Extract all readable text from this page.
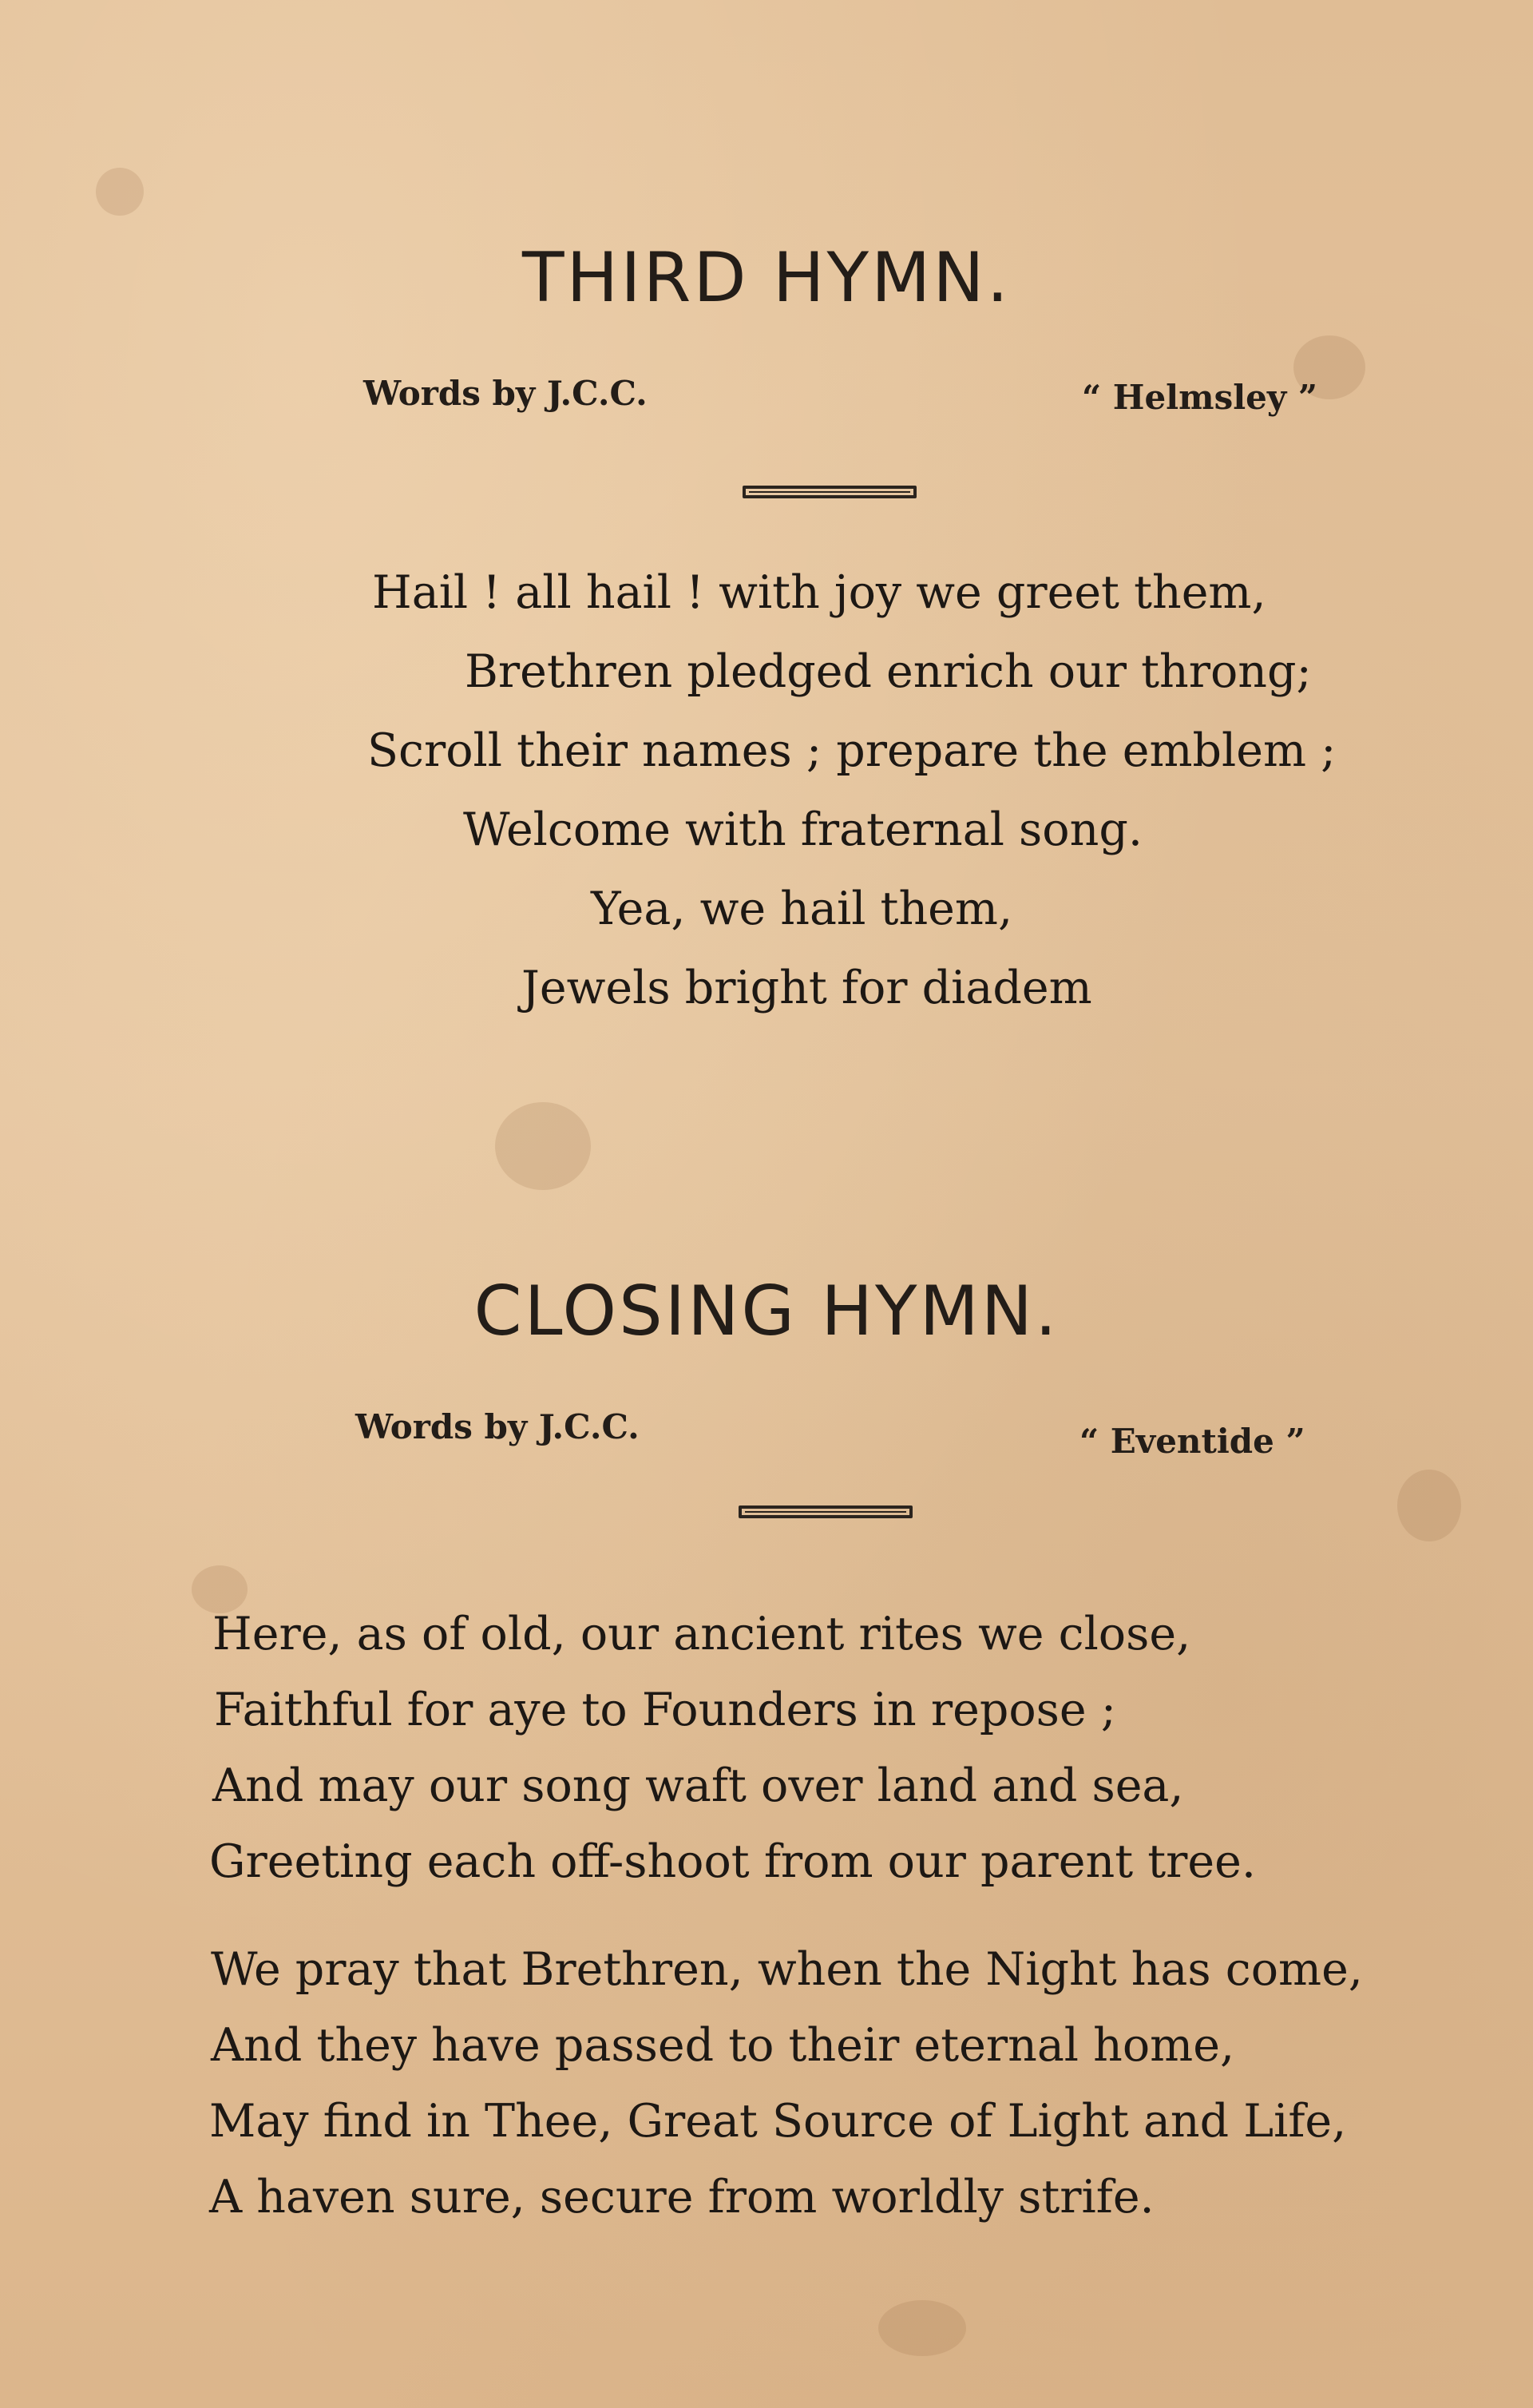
THIRD HYMN.
Words by J.C.C.	“ Helmsley ”
Hail ! all hail ! with joy we greet them,
Brethren pledged enrich our throng;
Scroll their names ; prepare the emblem ;
Welcome with fraternal song.
Yea, we hail them,
Jewels bright for diadem
CLOSING HYMN.
Words by J.C.C.	“ Eventide ”
Here, as of old, our ancient rites we close,
Faithful for aye to Founders in repose ;
And may our song waft over land and sea,
Greeting each off-shoot from our parent tree.
We pray that Brethren, when the Night has come,
And they have passed to their eternal home,
May find in Thee, Great Source of Light and Life,
A haven sure, secure from worldly strife.
